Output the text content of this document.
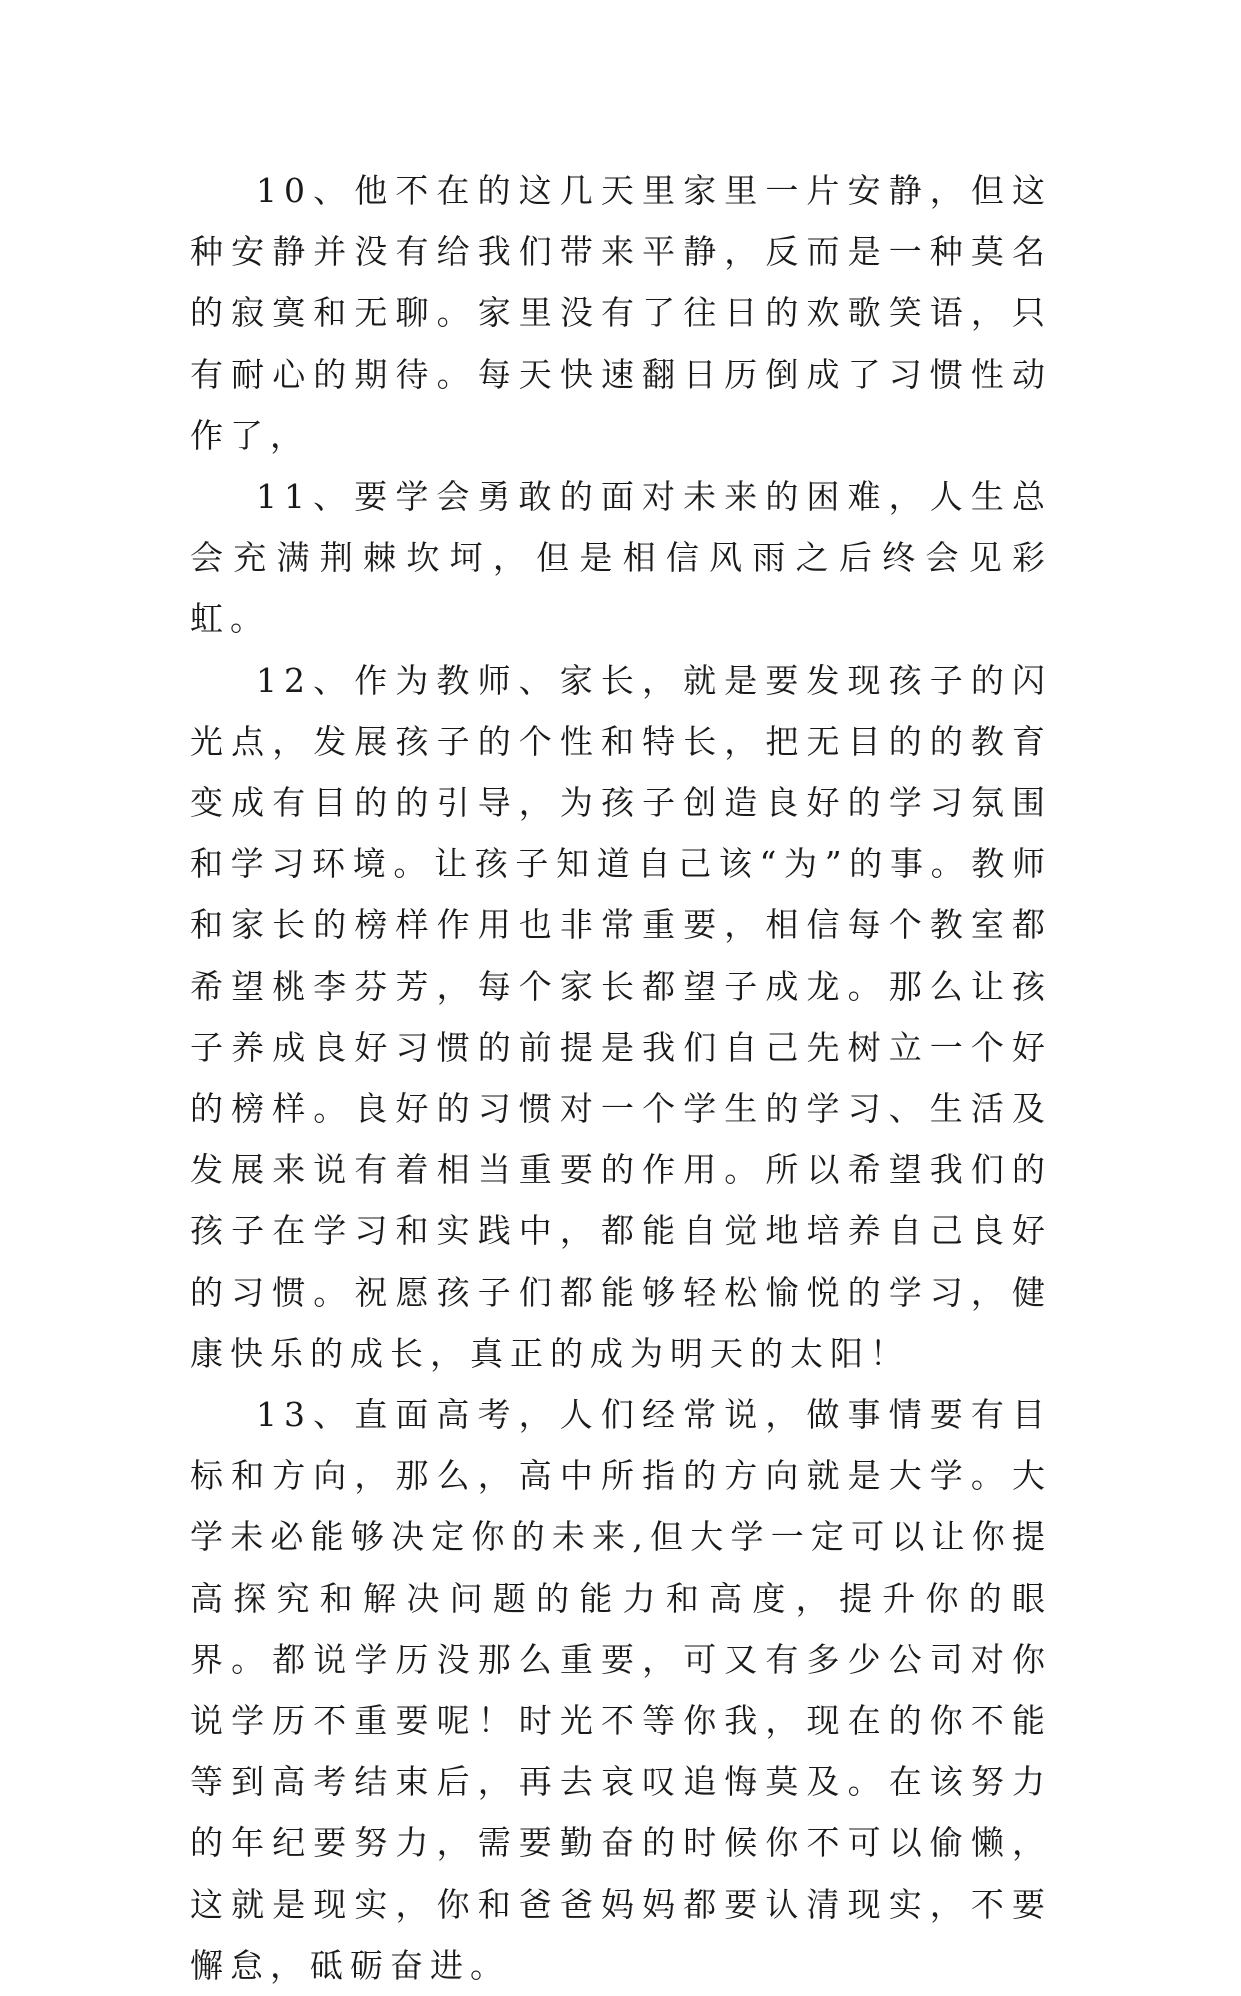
10、他不在的这几天里家里一片安静，但这种安静并没有给我们带来平静，反而是一种莫名的寂寞和无聊。家里没有了往日的欢歌笑语，只有耐心的期待。每天快速翻日历倒成了习惯性动作了，

11、要学会勇敢的面对未来的困难，人生总会充满荆棘坎坷，但是相信风雨之后终会见彩虹。

12、作为教师、家长，就是要发现孩子的闪光点，发展孩子的个性和特长，把无目的的教育变成有目的的引导，为孩子创造良好的学习氛围和学习环境。让孩子知道自己该“为”的事。教师和家长的榜样作用也非常重要，相信每个教室都希望桃李芬芳，每个家长都望子成龙。那么让孩子养成良好习惯的前提是我们自己先树立一个好的榜样。良好的习惯对一个学生的学习、生活及发展来说有着相当重要的作用。所以希望我们的孩子在学习和实践中，都能自觉地培养自己良好的习惯。祝愿孩子们都能够轻松愉悦的学习，健康快乐的成长，真正的成为明天的太阳！

13、直面高考，人们经常说，做事情要有目标和方向，那么，高中所指的方向就是大学。大学未必能够决定你的未来,但大学一定可以让你提高探究和解决问题的能力和高度，提升你的眼界。都说学历没那么重要，可又有多少公司对你说学历不重要呢！时光不等你我，现在的你不能等到高考结束后，再去哀叹追悔莫及。在该努力的年纪要努力，需要勤奋的时候你不可以偷懒，这就是现实，你和爸爸妈妈都要认清现实，不要懈怠，砥砺奋进。
